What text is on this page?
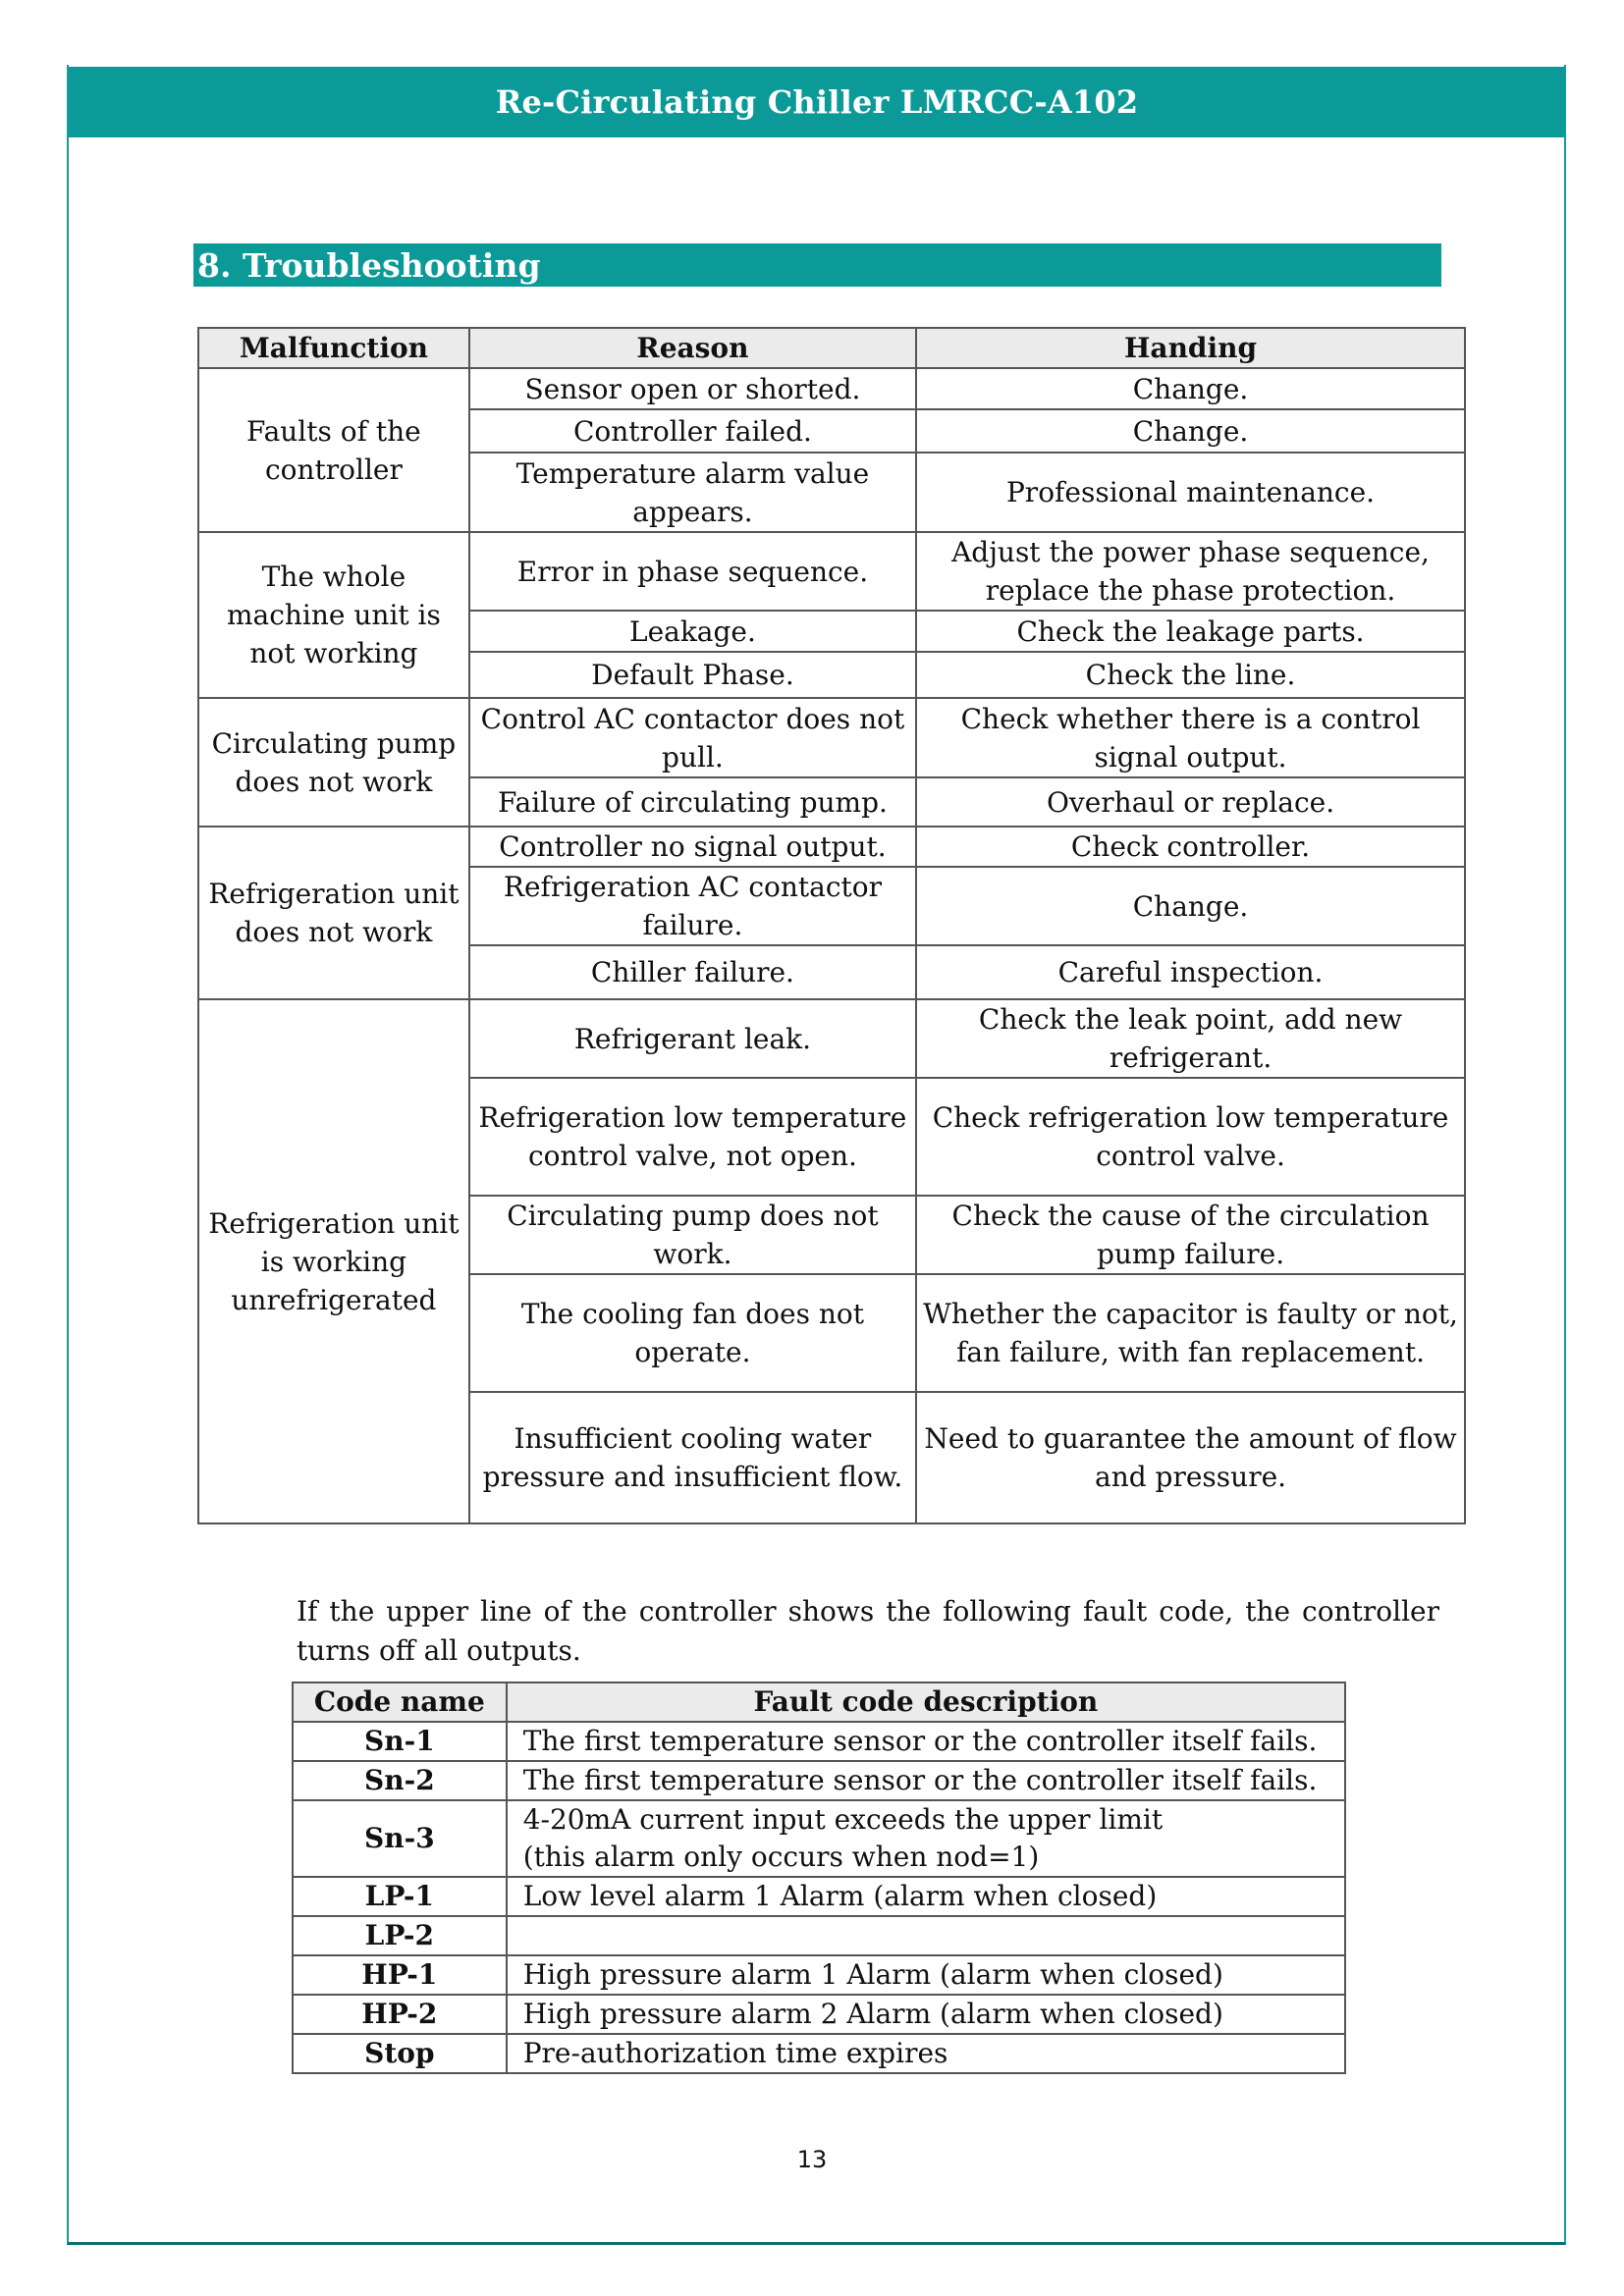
Re-Circulating Chiller LMRCC-A102
8. Troubleshooting
Malfunction	Reason	Handing
Faults of the controller	Sensor open or shorted.	Change.
	Controller failed.	Change.
	Temperature alarm value appears.	Professional maintenance.
The whole machine unit is not working	Error in phase sequence.	Adjust the power phase sequence, replace the phase protection.
	Leakage.	Check the leakage parts.
	Default Phase.	Check the line.
Circulating pump does not work	Control AC contactor does not pull.	Check whether there is a control signal output.
	Failure of circulating pump.	Overhaul or replace.
Refrigeration unit does not work	Controller no signal output.	Check controller.
	Refrigeration AC contactor failure.	Change.
	Chiller failure.	Careful inspection.
Refrigeration unit is working unrefrigerated	Refrigerant leak.	Check the leak point, add new refrigerant.
	Refrigeration low temperature control valve, not open.	Check refrigeration low temperature control valve.
	Circulating pump does not work.	Check the cause of the circulation pump failure.
	The cooling fan does not operate.	Whether the capacitor is faulty or not, fan failure, with fan replacement.
	Insufficient cooling water pressure and insufficient flow.	Need to guarantee the amount of flow and pressure.

If the upper line of the controller shows the following fault code, the controller turns off all outputs.

Code name	Fault code description
Sn-1	The first temperature sensor or the controller itself fails.
Sn-2	The first temperature sensor or the controller itself fails.
Sn-3	4-20mA current input exceeds the upper limit
(this alarm only occurs when nod=1)
LP-1	Low level alarm 1 Alarm (alarm when closed)
LP-2	
HP-1	High pressure alarm 1 Alarm (alarm when closed)
HP-2	High pressure alarm 2 Alarm (alarm when closed)
Stop	Pre-authorization time expires
13
